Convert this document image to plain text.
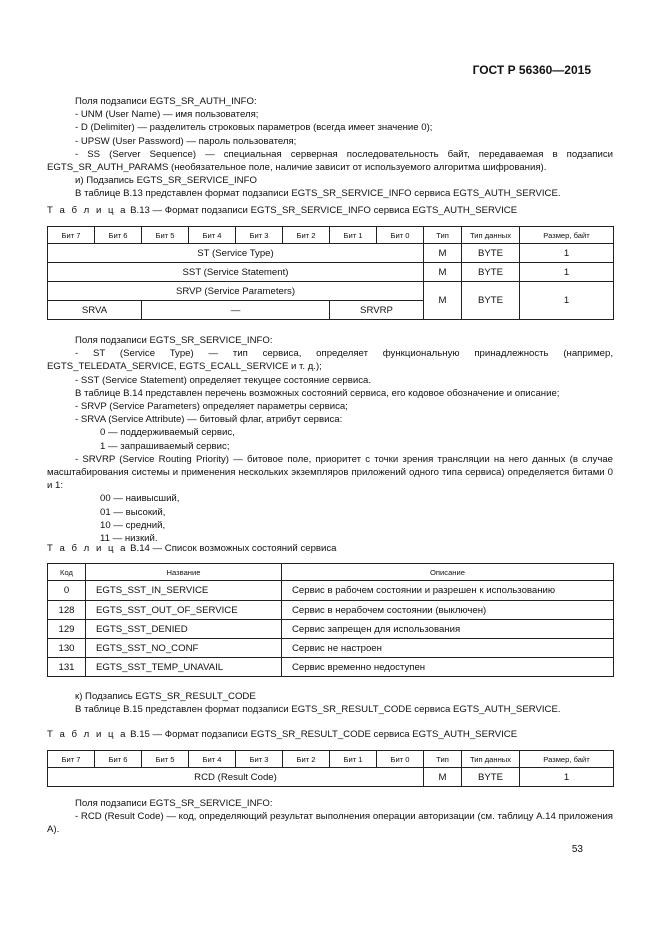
ГОСТ Р 56360—2015

Поля подзаписи EGTS_SR_AUTH_INFO:

- UNM (User Name) — имя пользователя;

- D (Delimiter) — разделитель строковых параметров (всегда имеет значение 0);

- UPSW (User Password) — пароль пользователя;

- SS (Server Sequence) — специальная серверная последовательность байт, передаваемая в подзаписи EGTS_SR_AUTH_PARAMS (необязательное поле, наличие зависит от используемого алгоритма шифрования).

и) Подзапись EGTS_SR_SERVICE_INFO

В таблице В.13 представлен формат подзаписи EGTS_SR_SERVICE_INFO сервиса EGTS_AUTH_SERVICE.

Т а б л и ц а В.13 — Формат подзаписи EGTS_SR_SERVICE_INFO сервиса EGTS_AUTH_SERVICE
Бит 7	Бит 6	Бит 5	Бит 4	Бит 3	Бит 2	Бит 1	Бит 0	Тип	Тип данных	Размер, байт
ST (Service Type)								M	BYTE	1
SST (Service Statement)								M	BYTE	1
SRVP (Service Parameters)								M	BYTE	1
SRVA		—				SRVRP				

Поля подзаписи EGTS_SR_SERVICE_INFO:

- ST (Service Type) — тип сервиса, определяет функциональную принадлежность (например, EGTS_TELEDATA_SERVICE, EGTS_ECALL_SERVICE и т. д.);

- SST (Service Statement) определяет текущее состояние сервиса.

В таблице В.14 представлен перечень возможных состояний сервиса, его кодовое обозначение и описание;

- SRVP (Service Parameters) определяет параметры сервиса;

- SRVA (Service Attribute) — битовый флаг, атрибут сервиса:

0 — поддерживаемый сервис,

1 — запрашиваемый сервис;

- SRVRP (Service Routing Priority) — битовое поле, приоритет с точки зрения трансляции на него данных (в случае масштабирования системы и применения нескольких экземпляров приложений одного типа сервиса) определяется битами 0 и 1:

00 — наивысший,

01 — высокий,

10 — средний,

11 — низкий.

Т а б л и ц а В.14 — Список возможных состояний сервиса
Код	Название	Описание
0	EGTS_SST_IN_SERVICE	Сервис в рабочем состоянии и разрешен к использованию
128	EGTS_SST_OUT_OF_SERVICE	Сервис в нерабочем состоянии (выключен)
129	EGTS_SST_DENIED	Сервис запрещен для использования
130	EGTS_SST_NO_CONF	Сервис не настроен
131	EGTS_SST_TEMP_UNAVAIL	Сервис временно недоступен

к) Подзапись EGTS_SR_RESULT_CODE

В таблице В.15 представлен формат подзаписи EGTS_SR_RESULT_CODE сервиса EGTS_AUTH_SERVICE.

Т а б л и ц а В.15 — Формат подзаписи EGTS_SR_RESULT_CODE сервиса EGTS_AUTH_SERVICE
Бит 7	Бит 6	Бит 5	Бит 4	Бит 3	Бит 2	Бит 1	Бит 0	Тип	Тип данных	Размер, байт
RCD (Result Code)								M	BYTE	1

Поля подзаписи EGTS_SR_SERVICE_INFO:

- RCD (Result Code) — код, определяющий результат выполнения операции авторизации (см. таблицу А.14 приложения А).

53
